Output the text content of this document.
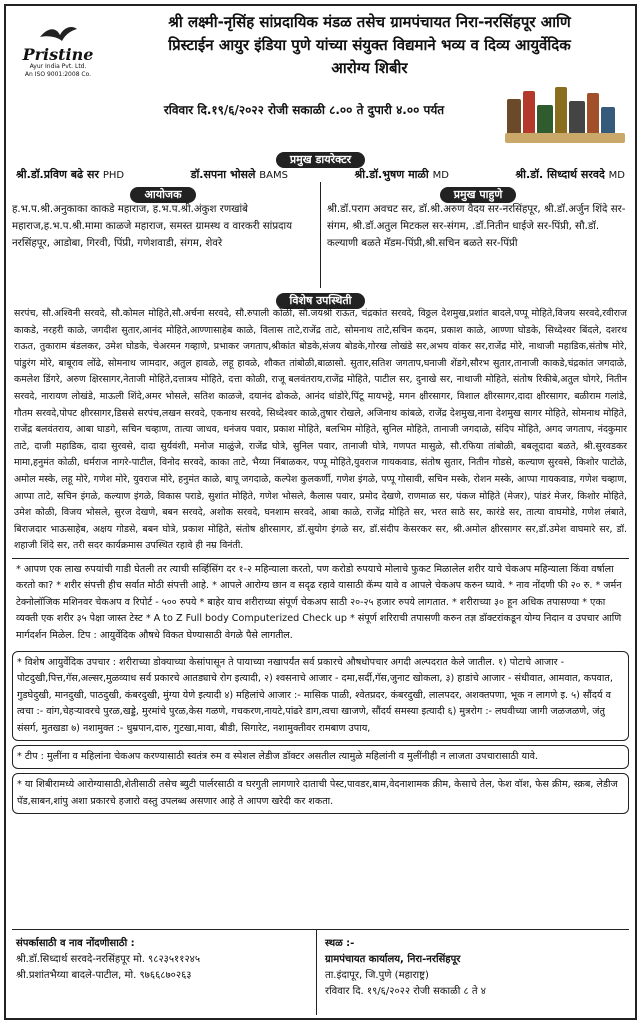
Pristine
Ayur India Pvt. Ltd.
An ISO 9001:2008 Co.
श्री लक्ष्मी-नृसिंह सांप्रदायिक मंडळ तसेच ग्रामपंचायत निरा-नरसिंहपूर आणि
प्रिस्टाईन आयुर इंडिया पुणे यांच्या संयुक्त विद्यमाने भव्य व दिव्य आयुर्वेदिक
आरोग्य शिबीर
रविवार दि.१९/६/२०२२ रोजी सकाळी ८.०० ते दुपारी ४.०० पर्यत
प्रमुख डायरेक्टर
श्री.डॉ.प्रविण बढे सर PHD	डॉ.सपना भोसले BAMS	श्री.डॉ.भुषण माळी MD	श्री.डॉ. सिध्दार्थ सरवदे MD
आयोजक
ह.भ.प.श्री.अनुकाका काकडे महाराज, ह.भ.प.श्री.अंकुश रणखांबे महाराज,ह.भ.प.श्री.मामा काळजे महाराज, समस्त ग्रामस्थ व वारकरी सांप्रदाय नरसिंहपूर, आडोबा, गिरवी, पिंप्री, गणेशवाडी, संगम, शेवरे
प्रमुख पाहुणे
श्री.डॉ.पराग अवचट सर, डॉ.श्री.अरुण वैदय सर-नरसिंहपूर, श्री.डॉ.अर्जुन शिंदे सर-संगम, श्री.डॉ.अतुल मिटकल सर-संगम, .डॉ.नितीन धाईजे सर-पिंप्री, सौ.डॉ. कल्याणी बळते मॅडम-पिंप्री,श्री.सचिन बळते सर-पिंप्री
विशेष उपस्थिती
सरपंच, सौ.अश्विनी सरवदे, सौ.कोमल मोहिते,सौ.अर्चना सरवदे, सौ.रुपाली कोळी, सौ.जयश्री राऊत, चंद्रकांत सरवदे, विठ्ठल देशमुख,प्रशांत बादले,पप्पू मोहिते,विजय सरवदे,रवीराज काकडे, नरहरी काळे, जगदीश सुतार,आनंद मोहिते,आण्णासाहेब काळे, विलास ताटे,राजेंद्र ताटे, सोमनाथ ताटे,सचिन कदम, प्रकाश काळे, आण्णा घोडके, सिध्देश्वर बिंदले, दशरथ राऊत, तुकाराम बंडलकर, उमेश घोडके, चेअरमन गव्हाणे, प्रभाकर जगताप,श्रीकांत बोडके,संजय बोडके,गोरख लोखंडे सर,अभय वांकर सर,राजेंद्र मोरे, नाथाजी महाडिक,संतोष मोरे, पांडुरंग मोरे, बाबूराव लोंढे, सोमनाथ जामदार, अतुल हावळे, लहू हावळे, शौकत तांबोळी,बाळासो. सुतार,सतिश जगताप,घनाजी शेंडगे,सौरभ सुतार,तानाजी काकडे,चंद्रकांत जगदाळे, कमलेश डिंगरे, अरुण क्षिरसागर,नेताजी मोहिते,दत्तात्रय मोहिते, दत्ता कोळी, राजू बलवंतराय,राजेंद्र मोहिते, पाटील सर, दुनाखे सर, नाथाजी मोहिते, संतोष रिकीबे,अतुल घोगरे, नितीन सरवदे, नारायण लोखंडे, माऊली शिंदे,अमर भोसले, सतिश काळजे, दयानंद ढोकळे, आनंद धांडोरे,पिंटू मायभट्टे, मगन क्षीरसागर, विशाल क्षीरसागर,दादा क्षीरसागर, बळीराम गलांडे, गौतम सरवदे,पोपट क्षीरसागर,डिससे सरपंच,लखन सरवदे, एकनाथ सरवदे, सिध्देश्वर काळे,तुषार रोखले, अजिनाथ कांबळे, राजेंद्र देशमुख,नाना देशमुख सागर मोहिते, सोमनाथ मोहिते, राजेंद्र बलवंतराय, आबा घाडगे, सचिन चव्हाण, तात्या जाधव, धनंजय पवार, प्रकाश मोहिते, बलभिम मोहिते, सुनिल मोहिते, तानाजी जगदाळे, संदिप मोहिते, अगद जगताप, नंदकुमार ताटे, दाजी महाडिक, दादा सुरवसे, दादा सुर्यवंशी, मनोज माळुंजे, राजेंद्र घोत्रे, सुनिल पवार, तानाजी घोत्रे, गणपत मासुळे, सौ.रफिया तांबोळी, बबलूदादा बळते, श्री.सुरवडकर मामा,हनुमंत कोळी, धर्मराज नागरे-पाटील, विनोद सरवदे, काका ताटे, भैय्या निंबाळकर, पप्पू मोहिते,युवराज गायकवाड, संतोष सुतार, नितीन गोडसे, कल्याण सुरवसे, किशोर पाटोळे, अमोल मस्के, लहू मोरे, गणेश मोरे, युवराज मोरे, हनुमंत काळे, बापू जगदाळे, कल्पेश कुलकर्णी, गणेश इंगळे, पप्पू गोसावी, सचिन मस्के, रोशन मस्के, आप्पा गायकवाड, गणेश चव्हाण, आप्पा ताटे, सचिन इंगळे, कल्याण इंगळे, विकास पराडे, सुशांत मोहिते, गणेश भोसले, कैलास पवार, प्रमोद देखणे, राणमाळ सर, पंकज मोहिते (मेजर), पांडरं मेजर, किशोर मोहिते, उमेश कोळी, विजय भोसले, सुरज देखणे, बबन सरवदे, अशोक सरवदे, घनशाम सरवदे, आबा काळे, राजेंद्र मोहिते सर, भरत साठे सर, कारंडे सर, तात्या वाघमोडे, गणेश लंबाते, बिराजदार भाऊसाहेब, अक्षय गोडसे, बबन घोत्रे, प्रकाश मोहिते, संतोष क्षीरसागर, डॉ.सुयोग इंगळे सर, डॉ.संदीप केसरकर सर, श्री.अमोल क्षीरसागर सर,डॉ.उमेश वाघमारे सर, डॉ. शहाजी शिंदे सर, तरी सदर कार्यक्रमास उपस्थित रहावे ही नम्र विनंती.
* आपण एक लाख रुपयांची गाडी घेतली तर त्याची सर्व्हिसिंग दर १-२ महिन्याला करतो, पण करोडो रुपयाचे मोलाचे फुकट मिळालेल शरीर याचे चेकअप महिन्याला किंवा वर्षाला करतो का? * शरीर संपत्ती हीच सर्वात मोठी संपत्ती आहे. * आपले आरोग्य छान व सदृढ रहावे यासाठी कॅम्प यावे व आपले चेकअप करुन घ्यावे. * नाव नोंदणी फी २० रु. * जर्मन टेक्नोलॉजिक मशिनवर चेकअप व रिपोर्ट - ५०० रुपये * बाहेर याच शरीराच्या संपूर्ण चेकअप साठी २०-२५ हजार रुपये लागतात. * शरीराच्या ३० हून अधिक तपासण्या * एका व्यक्ती एक शरीर ३५ पेक्षा जास्त टेस्ट * A to Z Full body Computerized Check up * संपूर्ण शरिराची तपासणी करुन तज्ञ डॉक्टरांकडून योग्य निदान व उपचार आणि मार्गदर्शन मिळेल. टिप : आयुर्वेदिक औषधे विकत घेण्यासाठी वेगळे पैसे लागतील.
* विशेष आयुर्वेदिक उपचार : शरीराच्या डोक्याच्या केसांपासून ते पायाच्या नखापर्यंत सर्व प्रकारचे औषधोपचार अगदी अल्पदरात केले जातील. १) पोटाचे आजार - पोटदुखी,पित्त,गॅस,अल्सर,मुळव्याध सर्व प्रकारचे आतड्याचे रोग इत्यादी, २) श्वसनाचे आजार - दमा,सर्दी,गॅस,जुनाट खोकला, ३) हाडांचे आजार - संधीवात, आमवात, कपवात, गुडघेदुखी, मानदुखी, पाठदुखी, कंबरदुखी, मुंग्या येणे इत्यादी ४) महिलांचे आजार :- मासिक पाळी, श्वेतप्रदर, कंबरदुखी, लालपदर, अशक्तपणा, भूक न लागणे इ. ५) सौंदर्य व त्वचा :- वांग,चेहऱ्यावरचे पुरळ,खड्डे, मुरमांचे पुरळ,केस गळणे, गचकरण,नायटे,पांढरे डाग,त्वचा खाजणे, सौंदर्य समस्या इत्यादी ६) मुत्ररोग :- लघवीच्या जागी जळजळणे, जंतु संसर्ग, मुतखडा ७) नशामुक्त :- धुम्रपान,दारु, गुटखा,मावा, बीडी, सिगारेट, नशामुक्तीवर रामबाण उपाय,
* टीप : मुलींना व महिलांना चेकअप करण्यासाठी स्वतंत्र रुम व स्पेशल लेडीज डॉक्टर असतील त्यामुळे महिलांनी व मुलींनीही न लाजता उपचारासाठी यावे.
* या शिबीरामध्ये आरोग्यासाठी,शेतीसाठी तसेच ब्युटी पार्लरसाठी व घरगुती लागणारे दाताची पेस्ट,पावडर,बाम,वेदनाशामक क्रीम, केसाचे तेल, फेश वॉश, फेस क्रीम, स्क्रब, लेडीज पॅड,साबन,शांपु अशा प्रकारचे हजारो वस्तु उपलब्ध असणार आहे ते आपण खरेदी कर शकता.
संपर्कासाठी व नाव नोंदणीसाठी :
श्री.डॉ.सिध्दार्थ सरवदे-नरसिंहपूर मो. ९८२३५११२४५
श्री.प्रशांतभैय्या बादले-पाटील, मो. ९७६६८७०२६३
स्थळ :-
ग्रामपंचायत कार्यालय, निरा-नरसिंहपूर
ता.इंदापूर, जि.पुणे (महाराष्ट्र)
रविवार दि. १९/६/२०२२ रोजी सकाळी ८ ते ४
